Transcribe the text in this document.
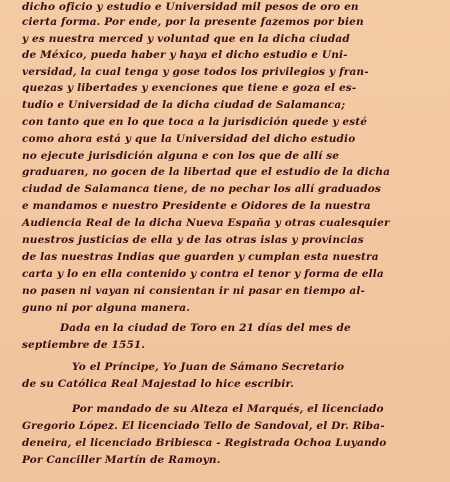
dicho oficio y estudio e Universidad mil pesos de oro en
cierta forma. Por ende, por la presente fazemos por bien
y es nuestra merced y voluntad que en la dicha ciudad
de México, pueda haber y haya el dicho estudio e Uni-
versidad, la cual tenga y gose todos los privilegios y fran-
quezas y libertades y exenciones que tiene e goza el es-
tudio e Universidad de la dicha ciudad de Salamanca;
con tanto que en lo que toca a la jurisdición quede y esté
como ahora está y que la Universidad del dicho estudio
no ejecute jurisdición alguna e con los que de allí se
graduaren, no gocen de la libertad que el estudio de la dicha
ciudad de Salamanca tiene, de no pechar los allí graduados
e mandamos e nuestro Presidente e Oidores de la nuestra
Audiencia Real de la dicha Nueva España y otras cualesquier
nuestros justicias de ella y de las otras islas y provincias
de las nuestras Indias que guarden y cumplan esta nuestra
carta y lo en ella contenido y contra el tenor y forma de ella
no pasen ni vayan ni consientan ir ni pasar en tiempo al-
guno ni por alguna manera.
Dada en la ciudad de Toro en 21 días del mes de
septiembre de 1551.
Yo el Príncipe, Yo Juan de Sámano Secretario
de su Católica Real Majestad lo hice escribir.
Por mandado de su Alteza el Marqués, el licenciado
Gregorio López. El licenciado Tello de Sandoval, el Dr. Riba-
deneira, el licenciado Bribiesca - Registrada Ochoa Luyando
Por Canciller Martín de Ramoyn.
